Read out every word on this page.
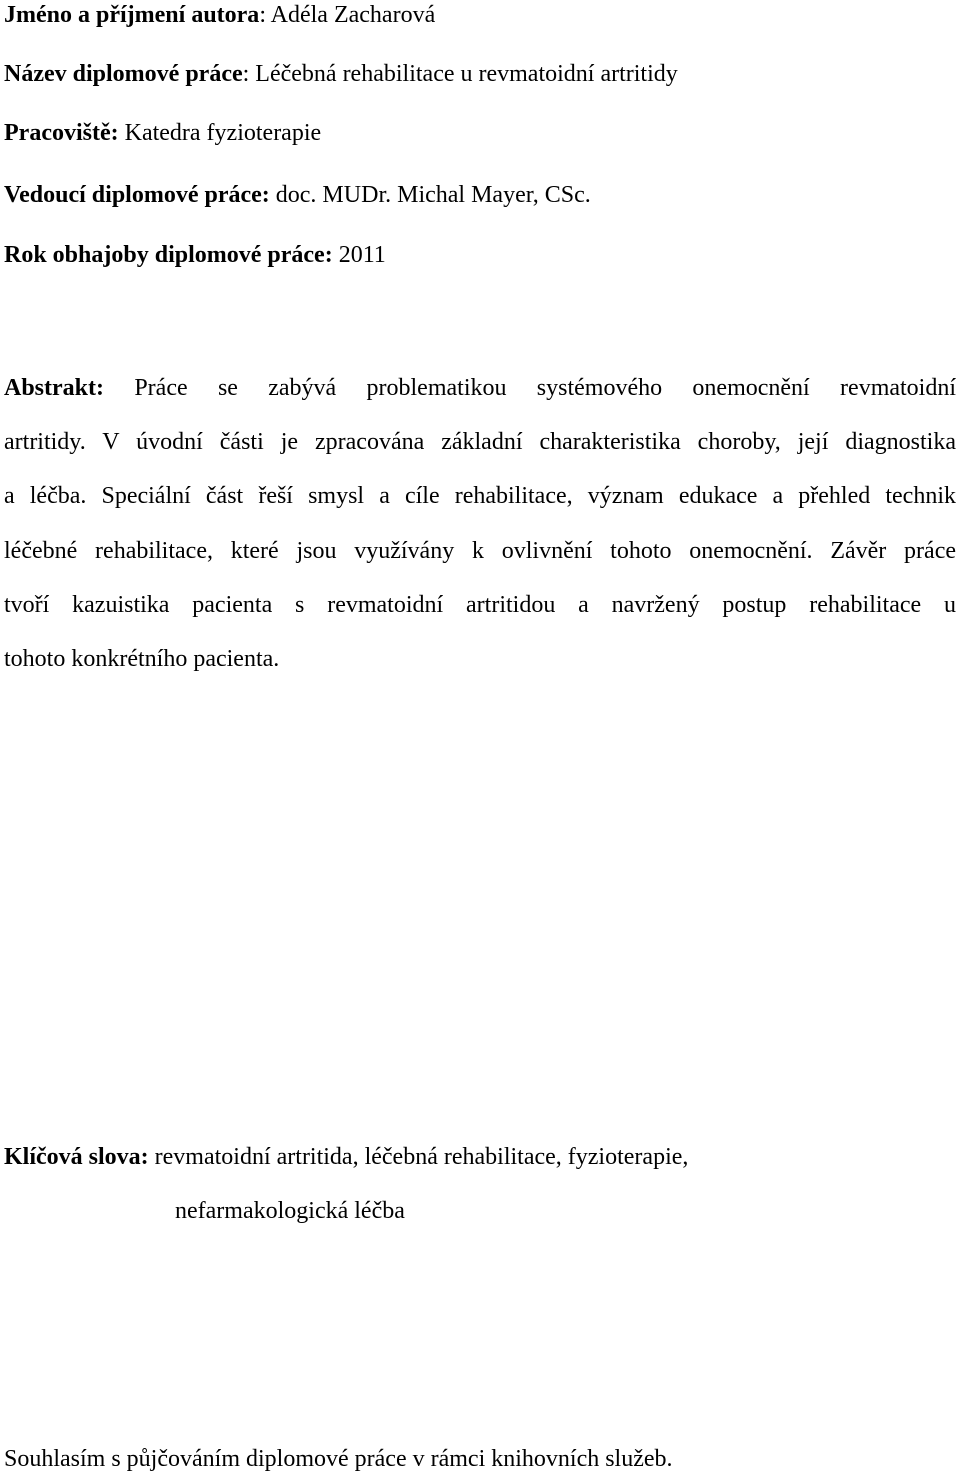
Jméno a příjmení autora: Adéla Zacharová
Název diplomové práce: Léčebná rehabilitace u revmatoidní artritidy
Pracoviště: Katedra fyzioterapie
Vedoucí diplomové práce: doc. MUDr. Michal Mayer, CSc.
Rok obhajoby diplomové práce: 2011
Abstrakt: Práce se zabývá problematikou systémového onemocnění revmatoidní
artritidy. V úvodní části je zpracována základní charakteristika choroby, její diagnostika
a léčba. Speciální část řeší smysl a cíle rehabilitace, význam edukace a přehled technik
léčebné rehabilitace, které jsou využívány k ovlivnění tohoto onemocnění. Závěr práce
tvoří kazuistika pacienta s revmatoidní artritidou a navržený postup rehabilitace u
tohoto konkrétního pacienta.
Klíčová slova: revmatoidní artritida, léčebná rehabilitace, fyzioterapie,
nefarmakologická léčba
Souhlasím s půjčováním diplomové práce v rámci knihovních služeb.
